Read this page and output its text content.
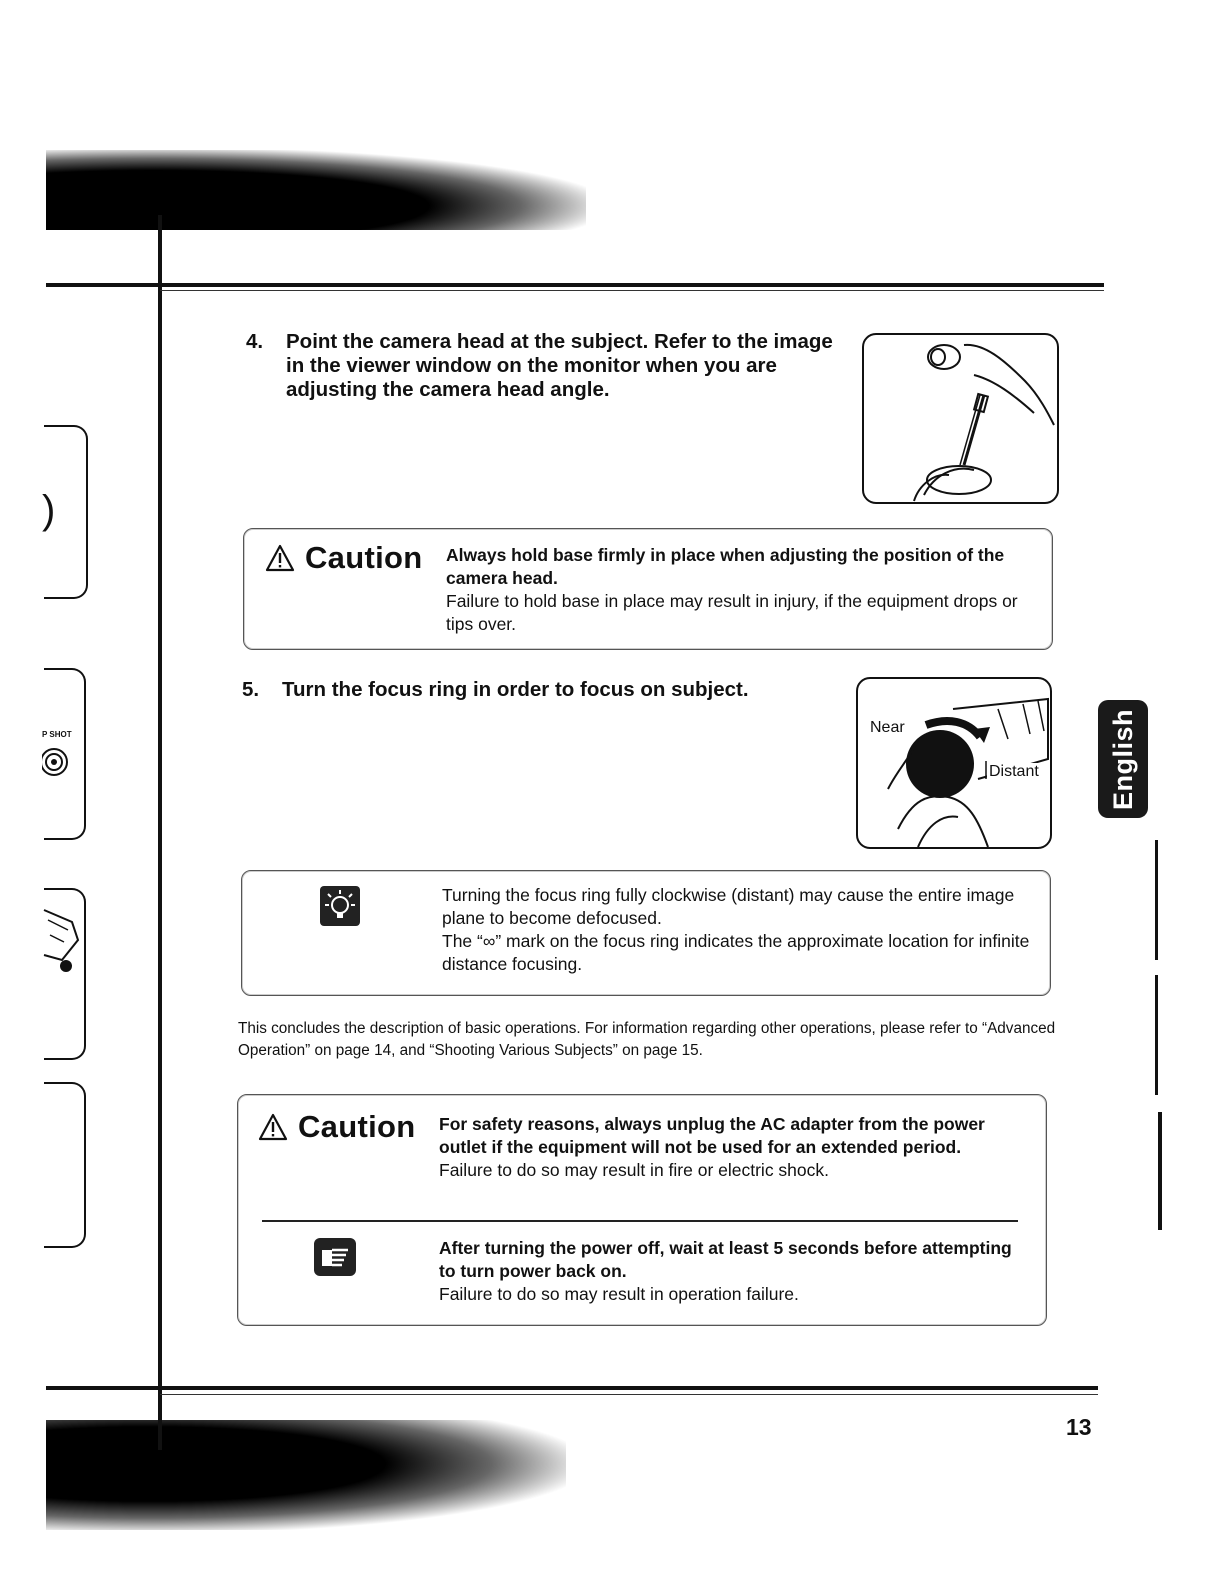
)
P SHOT
4. Point the camera head at the subject. Refer to the image in the viewer window on the monitor when you are adjusting the camera head angle.
Caution Always hold base firmly in place when adjusting the position of the camera head.
Failure to hold base in place may result in injury, if the equipment drops or tips over.
5. Turn the focus ring in order to focus on subject.
Near
Distant
Turning the focus ring fully clockwise (distant) may cause the entire image plane to become defocused.
The “∞” mark on the focus ring indicates the approximate location for infinite distance focusing.
This concludes the description of basic operations. For information regarding other operations, please refer to “Advanced Operation” on page 14, and “Shooting Various Subjects” on page 15.
Caution For safety reasons, always unplug the AC adapter from the power outlet if the equipment will not be used for an extended period.
Failure to do so may result in fire or electric shock.
After turning the power off, wait at least 5 seconds before attempting to turn power back on.
Failure to do so may result in operation failure.
English
13
